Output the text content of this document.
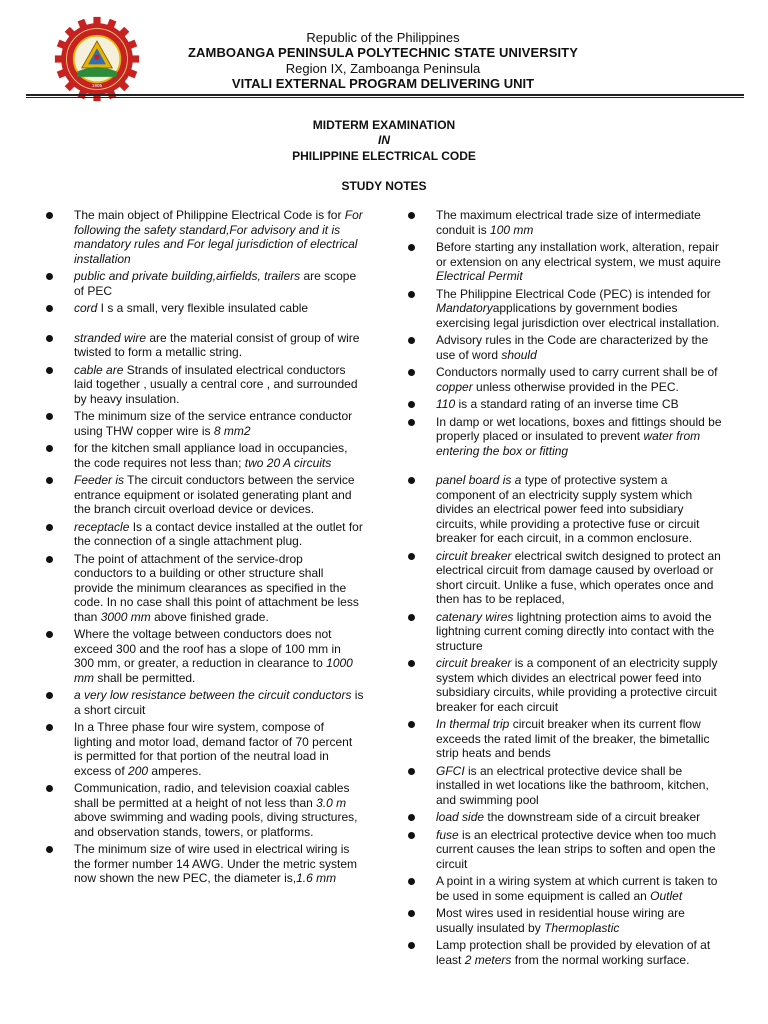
1905
Republic of the Philippines
ZAMBOANGA PENINSULA POLYTECHNIC STATE UNIVERSITY
Region IX, Zamboanga Peninsula
VITALI EXTERNAL PROGRAM DELIVERING UNIT
MIDTERM EXAMINATION
IN
PHILIPPINE ELECTRICAL CODE
STUDY NOTES
The main object of Philippine Electrical Code is for For following the safety standard,For advisory and it is mandatory rules and For legal jurisdiction of electrical installation
public and private building,airfields, trailers are scope of PEC
cord I s a small, very flexible insulated cable
stranded wire are the material consist of group of wire twisted to form a metallic string.
cable are Strands of insulated electrical conductors laid together , usually a central core , and surrounded by heavy insulation.
The minimum size of the service entrance conductor using THW copper wire is 8 mm2
for the kitchen small appliance load in occupancies, the code requires not less than; two 20 A circuits
Feeder is The circuit conductors between the service entrance equipment or isolated generating plant and the branch circuit overload device or devices.
receptacle Is a contact device installed at the outlet for the connection of a single attachment plug.
The point of attachment of the service-drop conductors to a building or other structure shall provide the minimum clearances as specified in the code. In no case shall this point of attachment be less than 3000 mm above finished grade.
Where the voltage between conductors does not exceed 300 and the roof has a slope of 100 mm in 300 mm, or greater, a reduction in clearance to 1000 mm shall be permitted.
a very low resistance between the circuit conductors is a short circuit
In a Three phase four wire system, compose of lighting and motor load, demand factor of 70 percent is permitted for that portion of the neutral load in excess of 200 amperes.
Communication, radio, and television coaxial cables shall be permitted at a height of not less than 3.0 m above swimming and wading pools, diving structures, and observation stands, towers, or platforms.
The minimum size of wire used in electrical wiring is the former number 14 AWG. Under the metric system now shown the new PEC, the diameter is,1.6 mm
The maximum electrical trade size of intermediate conduit is 100 mm
Before starting any installation work, alteration, repair or extension on any electrical system, we must aquire Electrical Permit
The Philippine Electrical Code (PEC) is intended for Mandatoryapplications by government bodies exercising legal jurisdiction over electrical installation.
Advisory rules in the Code are characterized by the use of word should
Conductors normally used to carry current shall be of copper unless otherwise provided in the PEC.
110 is a standard rating of an inverse time CB
In damp or wet locations, boxes and fittings should be properly placed or insulated to prevent water from entering the box or fitting
panel board is a type of protective system a component of an electricity supply system which divides an electrical power feed into subsidiary circuits, while providing a protective fuse or circuit breaker for each circuit, in a common enclosure.
circuit breaker electrical switch designed to protect an electrical circuit from damage caused by overload or short circuit. Unlike a fuse, which operates once and then has to be replaced,
catenary wires lightning protection aims to avoid the lightning current coming directly into contact with the structure
circuit breaker is a component of an electricity supply system which divides an electrical power feed into subsidiary circuits, while providing a protective circuit breaker for each circuit
In thermal trip circuit breaker when its current flow exceeds the rated limit of the breaker, the bimetallic strip heats and bends
GFCI is an electrical protective device shall be installed in wet locations like the bathroom, kitchen, and swimming pool
load side the downstream side of a circuit breaker
fuse is an electrical protective device when too much current causes the lean strips to soften and open the circuit
A point in a wiring system at which current is taken to be used in some equipment is called an Outlet
Most wires used in residential house wiring are usually insulated by Thermoplastic
Lamp protection shall be provided by elevation of at least 2 meters from the normal working surface.
